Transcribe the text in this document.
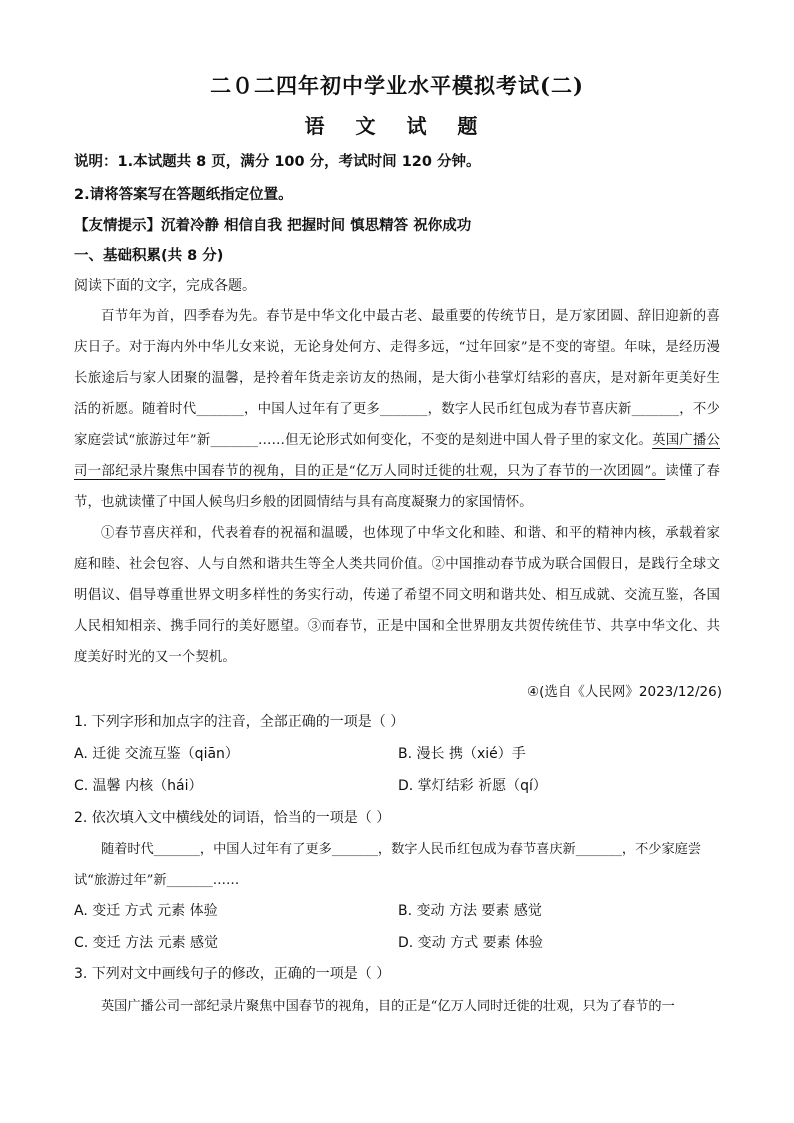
二０二四年初中学业水平模拟考试(二)
语 文 试 题
说明：1.本试题共 8 页，满分 100 分，考试时间 120 分钟。
2.请将答案写在答题纸指定位置。
【友情提示】沉着冷静 相信自我 把握时间 慎思精答 祝你成功
一、基础积累(共 8 分)
阅读下面的文字，完成各题。
百节年为首，四季春为先。春节是中华文化中最古老、最重要的传统节日，是万家团圆、辞旧迎新的喜庆日子。对于海内外中华儿女来说，无论身处何方、走得多远，“过年回家”是不变的寄望。年味，是经历漫长旅途后与家人团聚的温馨，是拎着年货走亲访友的热闹，是大街小巷掌灯结彩的喜庆，是对新年更美好生活的祈愿。随着时代_______，中国人过年有了更多_______，数字人民币红包成为春节喜庆新_______，不少家庭尝试“旅游过年”新_______……但无论形式如何变化，不变的是刻进中国人骨子里的家文化。英国广播公司一部纪录片聚焦中国春节的视角，目的正是“亿万人同时迁徙的壮观，只为了春节的一次团圆”。读懂了春节，也就读懂了中国人候鸟归乡般的团圆情结与具有高度凝聚力的家国情怀。
①春节喜庆祥和，代表着春的祝福和温暖，也体现了中华文化和睦、和谐、和平的精神内核，承载着家庭和睦、社会包容、人与自然和谐共生等全人类共同价值。②中国推动春节成为联合国假日，是践行全球文明倡议、倡导尊重世界文明多样性的务实行动，传递了希望不同文明和谐共处、相互成就、交流互鉴，各国人民相知相亲、携手同行的美好愿望。③而春节，正是中国和全世界朋友共贺传统佳节、共享中华文化、共度美好时光的又一个契机。
④(选自《人民网》2023/12/26)
1. 下列字形和加点字的注音，全部正确的一项是（ ）
A. 迁徙 交流互鉴（qiān）	B. 漫长 携（xié）手
C. 温馨 内核（hái）	D. 掌灯结彩 祈愿（qí）
2. 依次填入文中横线处的词语，恰当的一项是（ ）
随着时代_______，中国人过年有了更多_______，数字人民币红包成为春节喜庆新_______，不少家庭尝
试“旅游过年”新_______……
A. 变迁 方式 元素 体验	B. 变动 方法 要素 感觉
C. 变迁 方法 元素 感觉	D. 变动 方式 要素 体验
3. 下列对文中画线句子的修改，正确的一项是（ ）
英国广播公司一部纪录片聚焦中国春节的视角，目的正是“亿万人同时迁徙的壮观，只为了春节的一
